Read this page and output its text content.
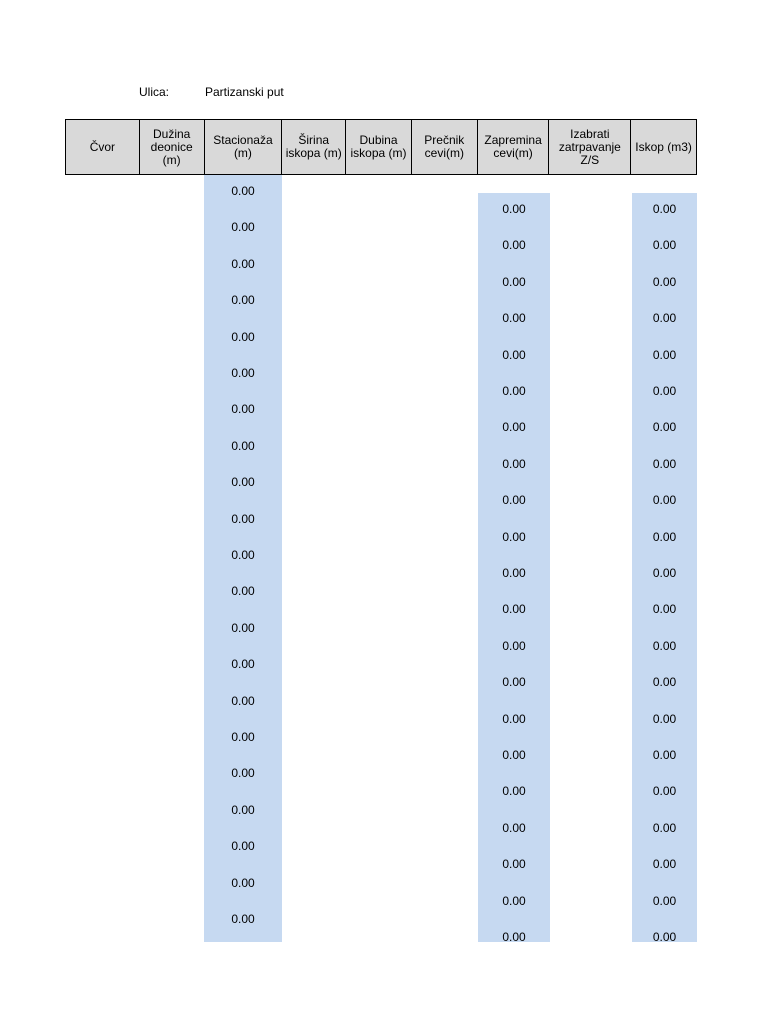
Ulica:	Partizanski put
Čvor
Dužina
deonice
(m)
Stacionaža
(m)
Širina
iskopa (m)
Dubina
iskopa (m)
Prečnik
cevi(m)
Zapremina
cevi(m)
Izabrati
zatrpavanje
Z/S
Iskop (m3)
0.00
0.00
0.00
0.00
0.00
0.00
0.00
0.00
0.00
0.00
0.00
0.00
0.00
0.00
0.00
0.00
0.00
0.00
0.00
0.00
0.00
0.00
0.00
0.00
0.00
0.00
0.00
0.00
0.00
0.00
0.00
0.00
0.00
0.00
0.00
0.00
0.00
0.00
0.00
0.00
0.00
0.00
0.00
0.00
0.00
0.00
0.00
0.00
0.00
0.00
0.00
0.00
0.00
0.00
0.00
0.00
0.00
0.00
0.00
0.00
0.00
0.00
0.00
